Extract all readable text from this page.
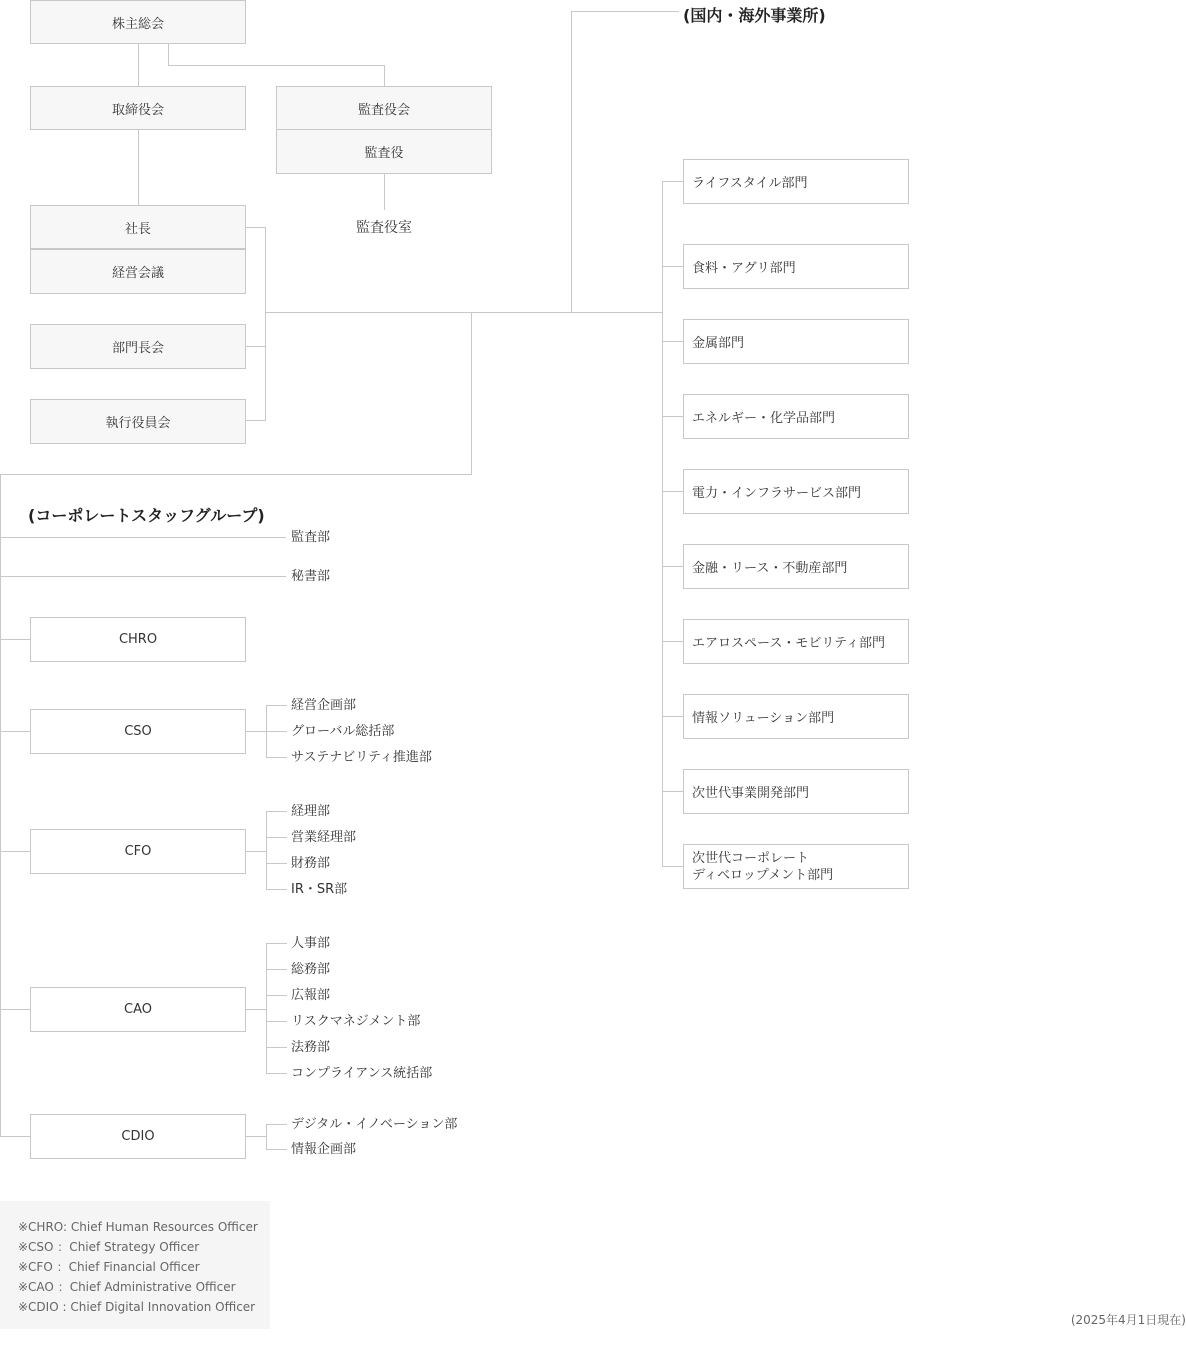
株主総会
取締役会	監査役会
監査役
監査役室
社長
経営会議
部門長会
執行役員会
(国内・海外事業所)
ライフスタイル部門
食料・アグリ部門
金属部門
エネルギー・化学品部門
電力・インフラサービス部門
金融・リース・不動産部門
エアロスペース・モビリティ部門
情報ソリューション部門
次世代事業開発部門
次世代コーポレート
ディベロップメント部門
(コーポレートスタッフグループ)
監査部
秘書部
CHRO
CSO
CFO
CAO
CDIO
経営企画部
グローバル総括部
サステナビリティ推進部
経理部
営業経理部
財務部
IR・SR部
人事部
総務部
広報部
リスクマネジメント部
法務部
コンプライアンス統括部
デジタル・イノベーション部
情報企画部
※CHRO: Chief Human Resources Officer
※CSO ：Chief Strategy Officer
※CFO ：Chief Financial Officer
※CAO ：Chief Administrative Officer
※CDIO : Chief Digital Innovation Officer
(2025年4月1日現在)
